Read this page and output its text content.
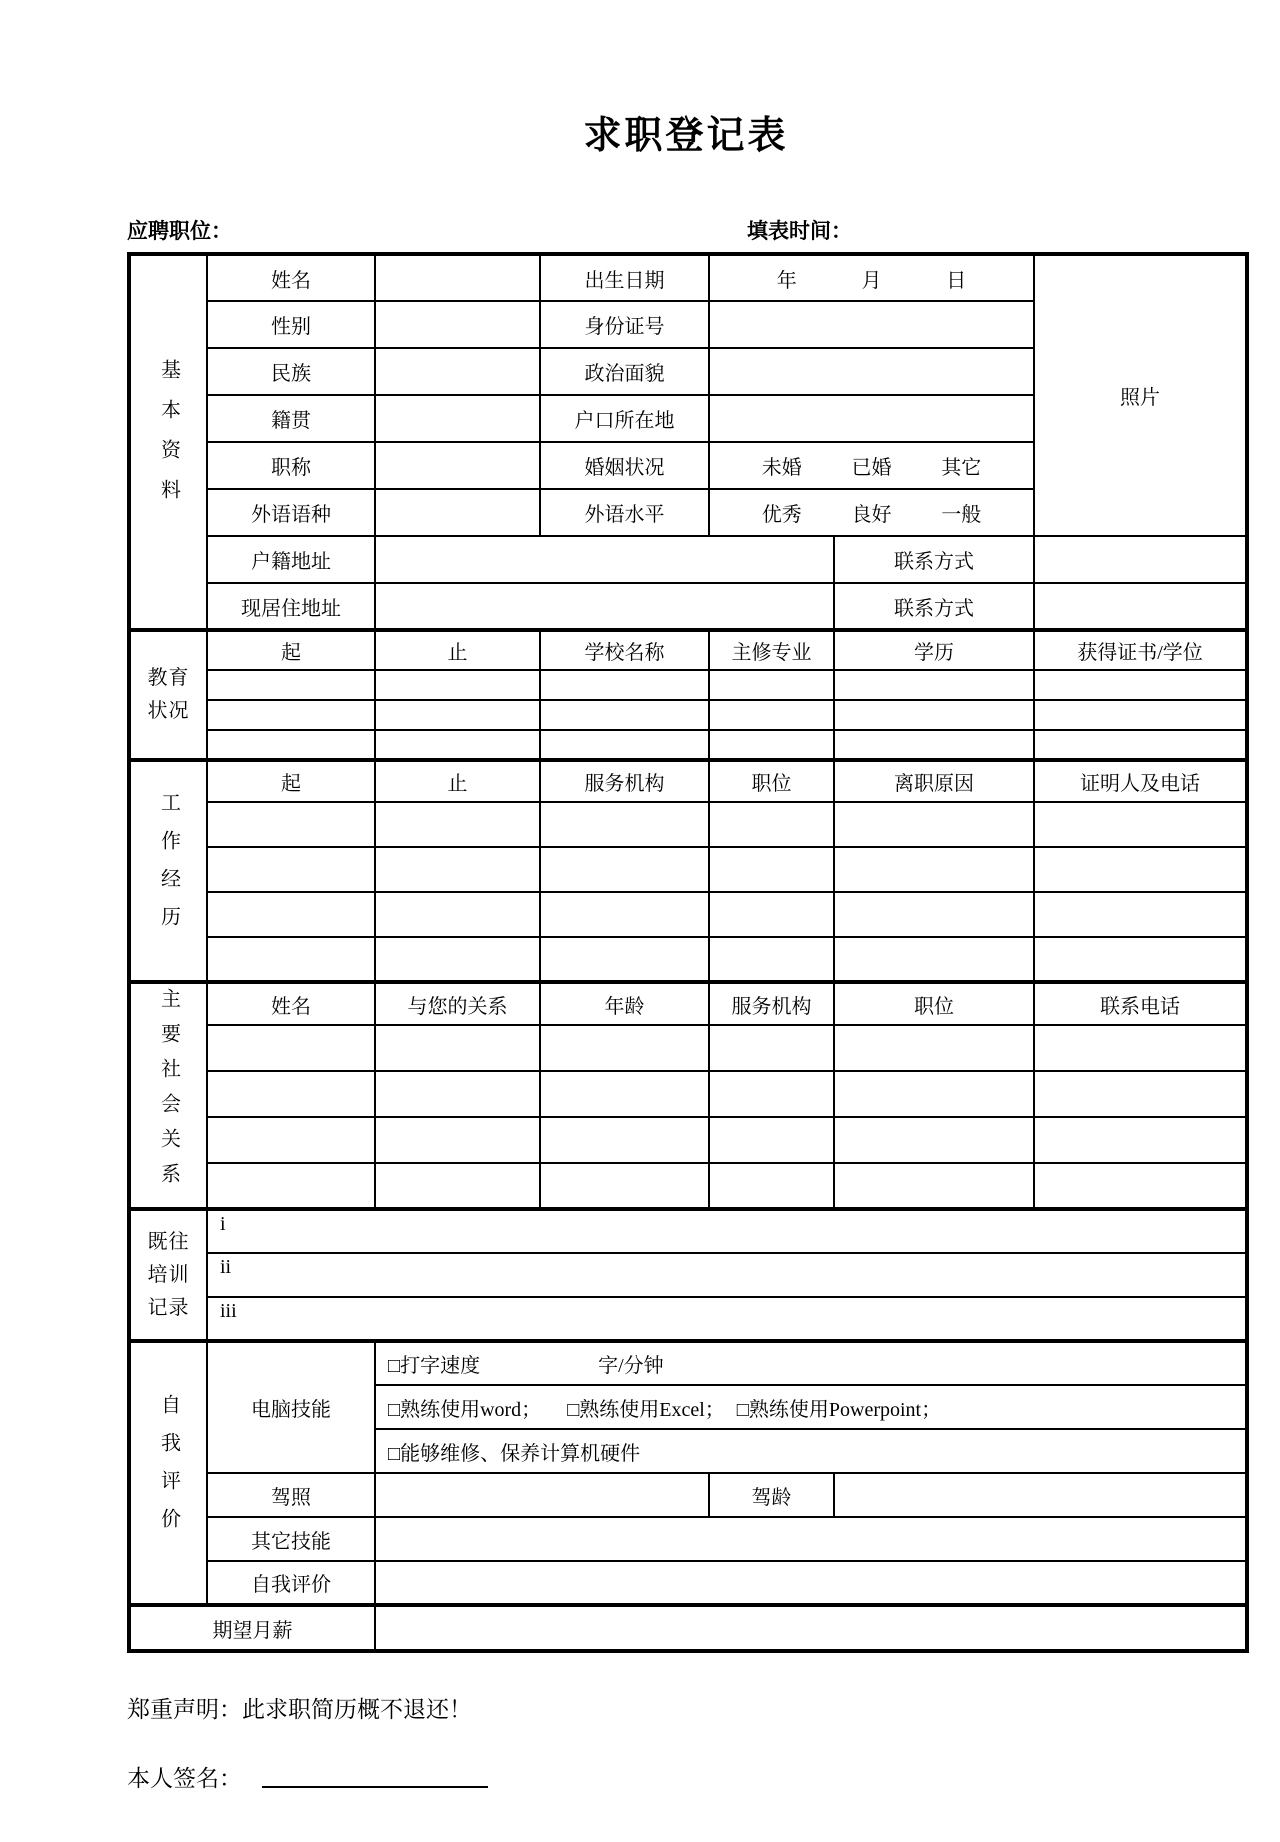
求职登记表
应聘职位：	填表时间：
基本资料	姓名		出生日期	年 月 日		照片
	性别		身份证号			
	民族		政治面貌			
	籍贯		户口所在地			
	职称		婚姻状况	未婚 已婚 其它		

	外语语种		外语水平	优秀 良好 一般		

	户籍地址				联系方式	
	现居住地址				联系方式	

教育状况	起	止	学校名称	主修专业	学历	获得证书/学位

工作经历	起	止	服务机构	职位	离职原因	证明人及电话

主要社会关系	姓名	与您的关系	年龄	服务机构	职位	联系电话

既往培训记录	i					
	ii					
	iii					
自我评价	电脑技能	□打字速度 字/分钟				
		□熟练使用word； □熟练使用Excel； □熟练使用Powerpoint；				
		□能够维修、保养计算机硬件				
	驾照			驾龄		
	其它技能					
	自我评价					
期望月薪						
郑重声明：此求职简历概不退还！
本人签名：
